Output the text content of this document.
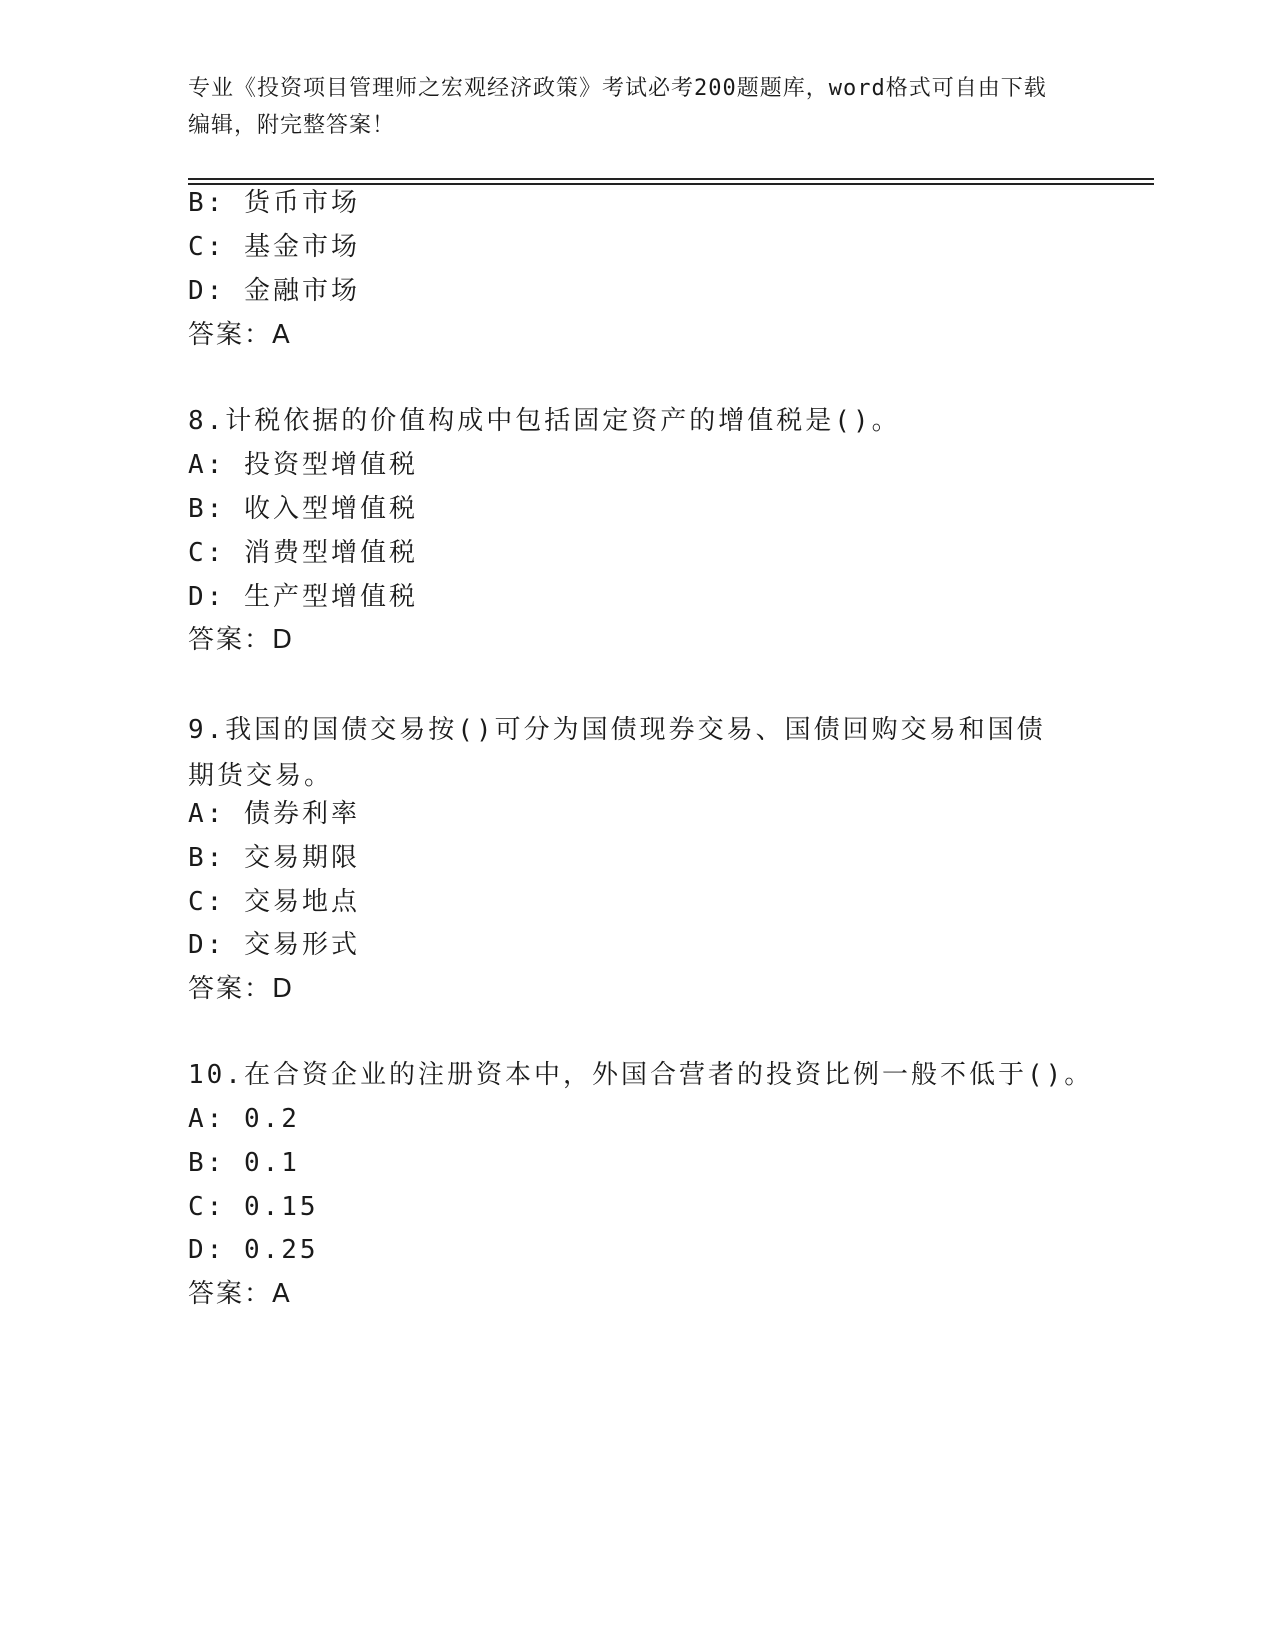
专业《投资项目管理师之宏观经济政策》考试必考200题题库，word格式可自由下载编辑，附完整答案！
B: 货币市场
C: 基金市场
D: 金融市场
答案：A
8.计税依据的价值构成中包括固定资产的增值税是()。
A: 投资型增值税
B: 收入型增值税
C: 消费型增值税
D: 生产型增值税
答案：D
9.我国的国债交易按()可分为国债现券交易、国债回购交易和国债期货交易。
A: 债券利率
B: 交易期限
C: 交易地点
D: 交易形式
答案：D
10.在合资企业的注册资本中，外国合营者的投资比例一般不低于()。
A: 0.2
B: 0.1
C: 0.15
D: 0.25
答案：A
